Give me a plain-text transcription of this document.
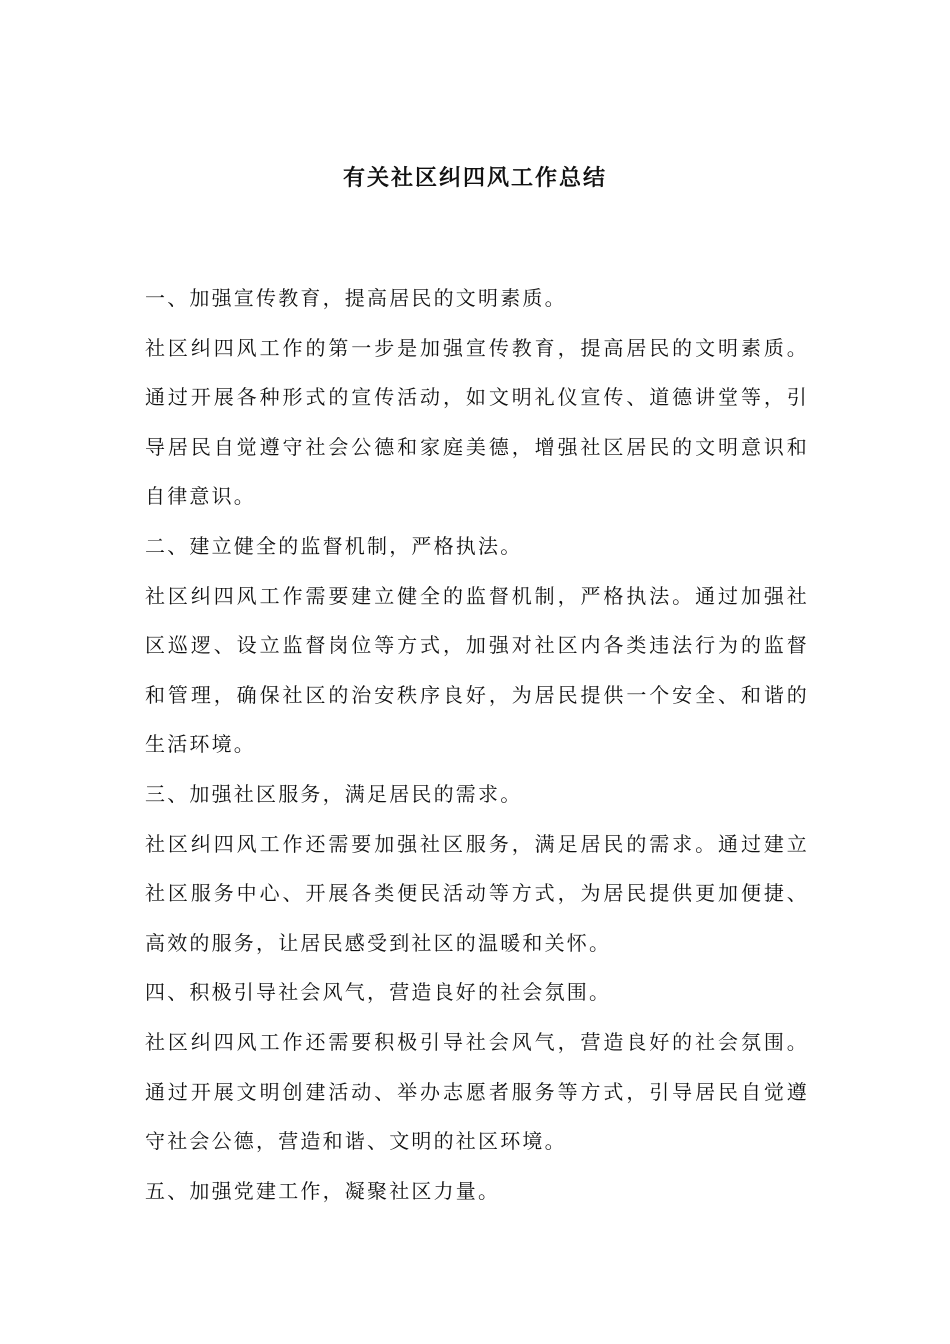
有关社区纠四风工作总结

一、加强宣传教育，提高居民的文明素质。

社区纠四风工作的第一步是加强宣传教育，提高居民的文明素质。通过开展各种形式的宣传活动，如文明礼仪宣传、道德讲堂等，引导居民自觉遵守社会公德和家庭美德，增强社区居民的文明意识和自律意识。

二、建立健全的监督机制，严格执法。

社区纠四风工作需要建立健全的监督机制，严格执法。通过加强社区巡逻、设立监督岗位等方式，加强对社区内各类违法行为的监督和管理，确保社区的治安秩序良好，为居民提供一个安全、和谐的生活环境。

三、加强社区服务，满足居民的需求。

社区纠四风工作还需要加强社区服务，满足居民的需求。通过建立社区服务中心、开展各类便民活动等方式，为居民提供更加便捷、高效的服务，让居民感受到社区的温暖和关怀。

四、积极引导社会风气，营造良好的社会氛围。

社区纠四风工作还需要积极引导社会风气，营造良好的社会氛围。通过开展文明创建活动、举办志愿者服务等方式，引导居民自觉遵守社会公德，营造和谐、文明的社区环境。

五、加强党建工作，凝聚社区力量。
